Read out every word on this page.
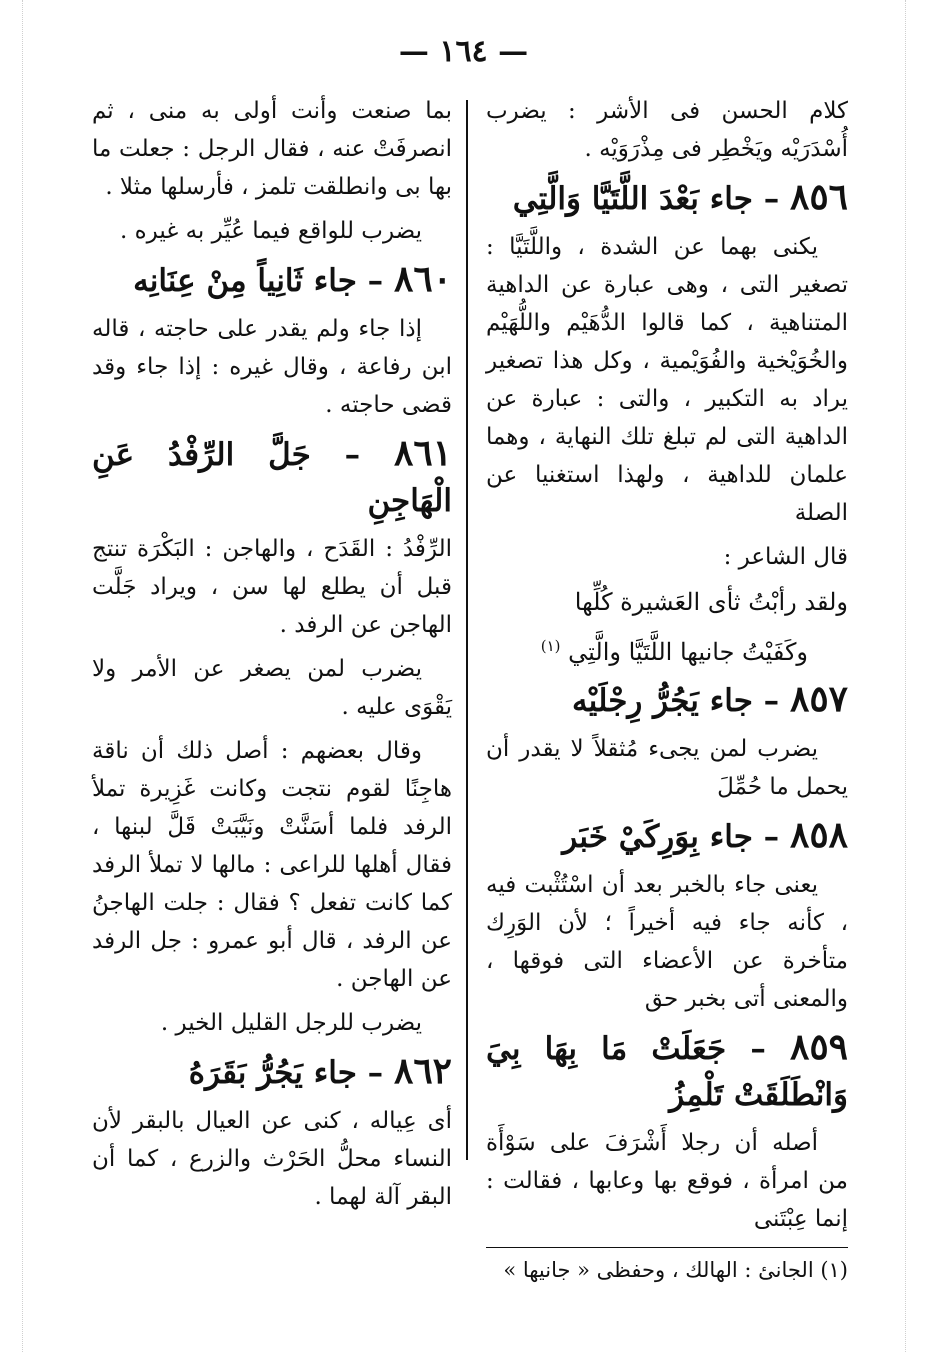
— ١٦٤ —

كلام الحسن فى الأشر : يضرب أُسْدَرَيْه ويَخْطِر فى مِذْرَوَيْه .

٨٥٦ – جاء بَعْدَ اللَّتَيَّا وَالَّتِي

يكنى بهما عن الشدة ، واللَّتَيَّا : تصغير التى ، وهى عبارة عن الداهية المتناهية ، كما قالوا الدُّهَيْم واللُّهَيْم والخُوَيْخية والفُوَيْمية ، وكل هذا تصغير يراد به التكبير ، والتى : عبارة عن الداهية التى لم تبلغ تلك النهاية ، وهما علمان للداهية ، ولهذا استغنيا عن الصلة

قال الشاعر :

ولقد رأبْتُ ثأى العَشيرة كُلِّها

وكَفَيْتُ جانيها اللَّتَيَّا والَّتِي $^{(١)}$

٨٥٧ – جاء يَجُرُّ رِجْلَيْه

يضرب لمن يجىء مُثقلاً لا يقدر أن يحمل ما حُمِّلَ

٨٥٨ – جاء بِوَرِكَيْ خَبَر

يعنى جاء بالخبر بعد أن اسْتُثْبت فيه ، كأنه جاء فيه أخيراً ؛ لأن الوَرِك متأخرة عن الأعضاء التى فوقها ، والمعنى أتى بخبر حق

٨٥٩ – جَعَلَتْ مَا بِهَا بِيَ وَانْطَلَقَتْ تَلْمِزُ

أصله أن رجلا أَشْرَفَ على سَوْأَة من امرأة ، فوقع بها وعابها ، فقالت : إنما عِبْتَنى

بما صنعت وأنت أولى به منى ، ثم انصرفَتْ عنه ، فقال الرجل : جعلت ما بها بى وانطلقت تلمز ، فأرسلها مثلا .

يضرب للواقع فيما عُيِّر به غيره .

٨٦٠ – جاء ثَانِياً مِنْ عِنَانِه

إذا جاء ولم يقدر على حاجته ، قاله ابن رفاعة ، وقال غيره : إذا جاء وقد قضى حاجته .

٨٦١ – جَلَّ الرِّفْدُ عَنِ الْهَاجِنِ

الرِّفْدُ : القَدَح ، والهاجن : البَكْرَة تنتج قبل أن يطلع لها سن ، ويراد جَلَّت الهاجن عن الرفد .

يضرب لمن يصغر عن الأمر ولا يَقْوَى عليه .

وقال بعضهم : أصل ذلك أن ناقة هاجِنًا لقوم نتجت وكانت غَزِيرة تملأ الرفد فلما أسَنَّتْ ونَيَّبَتْ قَلَّ لبنها ، فقال أهلها للراعى : مالها لا تملأ الرفد كما كانت تفعل ؟ فقال : جلت الهاجنُ عن الرفد ، قال أبو عمرو : جل الرفد عن الهاجن .

يضرب للرجل القليل الخير .

٨٦٢ – جاء يَجُرُّ بَقَرَهُ

أى عِياله ، كنى عن العيال بالبقر لأن النساء محلُّ الحَرْث والزرع ، كما أن البقر آلة لهما .

(١) الجانئ : الهالك ، وحفظى « جانيها »
